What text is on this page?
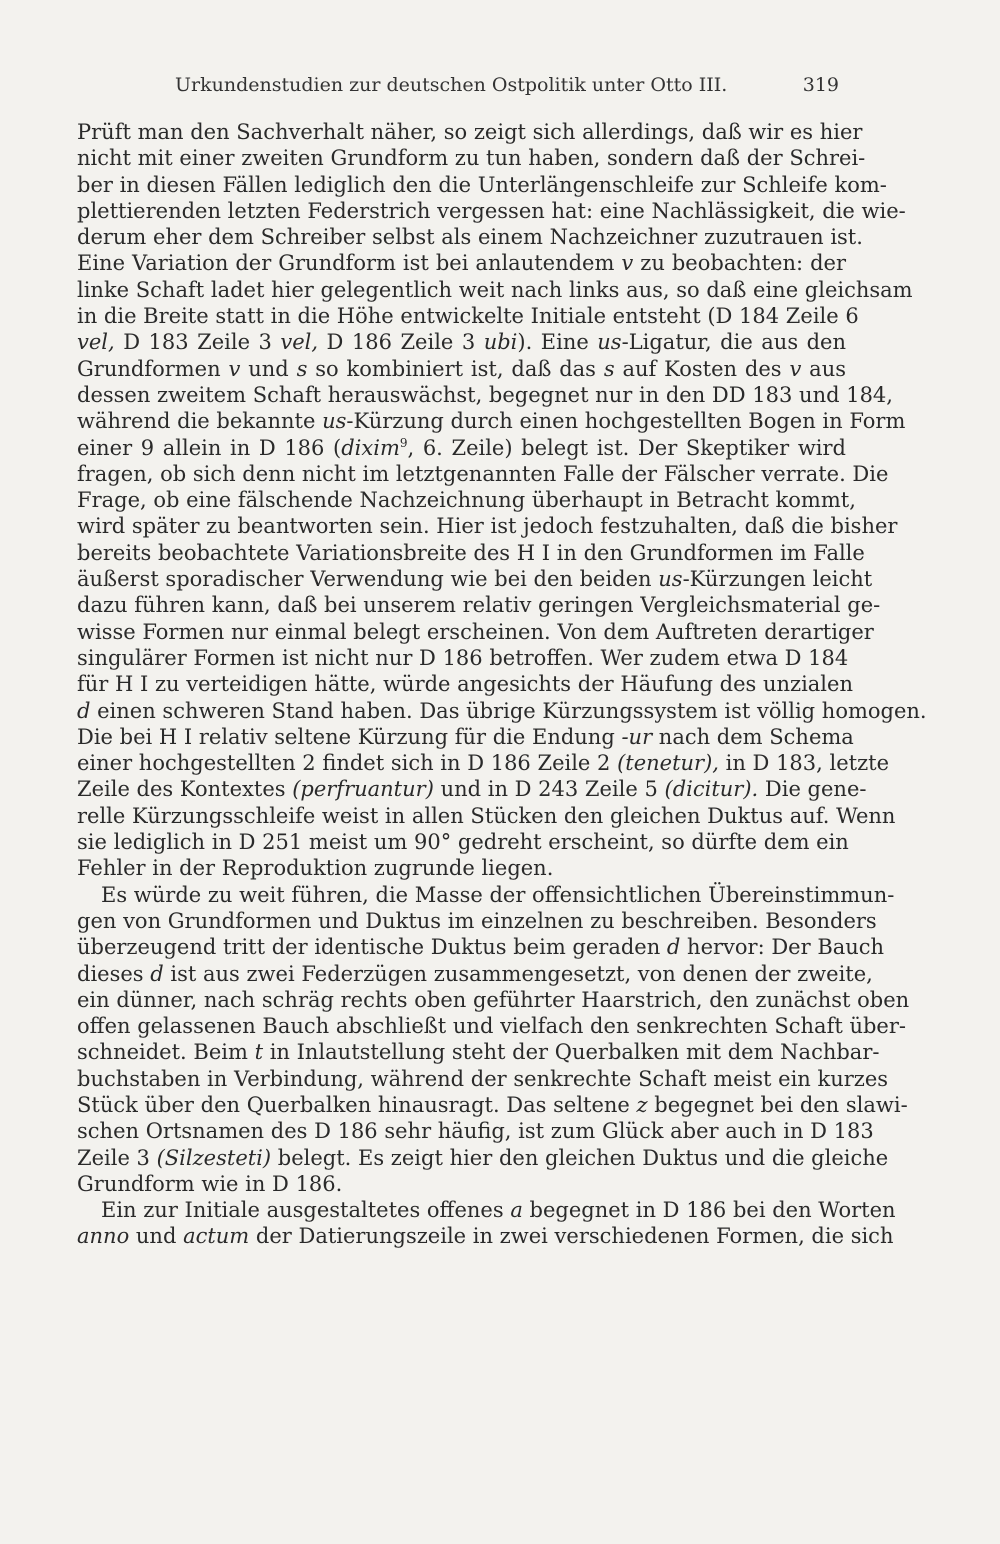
Urkundenstudien zur deutschen Ostpolitik unter Otto III.	319
Prüft man den Sachverhalt näher, so zeigt sich allerdings, daß wir es hier
nicht mit einer zweiten Grundform zu tun haben, sondern daß der Schrei-
ber in diesen Fällen lediglich den die Unterlängenschleife zur Schleife kom-
plettierenden letzten Federstrich vergessen hat: eine Nachlässigkeit, die wie-
derum eher dem Schreiber selbst als einem Nachzeichner zuzutrauen ist.
Eine Variation der Grundform ist bei anlautendem v zu beobachten: der
linke Schaft ladet hier gelegentlich weit nach links aus, so daß eine gleichsam
in die Breite statt in die Höhe entwickelte Initiale entsteht (D 184 Zeile 6
vel, D 183 Zeile 3 vel, D 186 Zeile 3 ubi). Eine us-Ligatur, die aus den
Grundformen v und s so kombiniert ist, daß das s auf Kosten des v aus
dessen zweitem Schaft herauswächst, begegnet nur in den DD 183 und 184,
während die bekannte us-Kürzung durch einen hochgestellten Bogen in Form
einer 9 allein in D 186 (dixim$^9$, 6. Zeile) belegt ist. Der Skeptiker wird
fragen, ob sich denn nicht im letztgenannten Falle der Fälscher verrate. Die
Frage, ob eine fälschende Nachzeichnung überhaupt in Betracht kommt,
wird später zu beantworten sein. Hier ist jedoch festzuhalten, daß die bisher
bereits beobachtete Variationsbreite des H I in den Grundformen im Falle
äußerst sporadischer Verwendung wie bei den beiden us-Kürzungen leicht
dazu führen kann, daß bei unserem relativ geringen Vergleichsmaterial ge-
wisse Formen nur einmal belegt erscheinen. Von dem Auftreten derartiger
singulärer Formen ist nicht nur D 186 betroffen. Wer zudem etwa D 184
für H I zu verteidigen hätte, würde angesichts der Häufung des unzialen
d einen schweren Stand haben. Das übrige Kürzungssystem ist völlig homogen.
Die bei H I relativ seltene Kürzung für die Endung -ur nach dem Schema
einer hochgestellten 2 findet sich in D 186 Zeile 2 (tenetur), in D 183, letzte
Zeile des Kontextes (perfruantur) und in D 243 Zeile 5 (dicitur). Die gene-
relle Kürzungsschleife weist in allen Stücken den gleichen Duktus auf. Wenn
sie lediglich in D 251 meist um 90° gedreht erscheint, so dürfte dem ein
Fehler in der Reproduktion zugrunde liegen.
Es würde zu weit führen, die Masse der offensichtlichen Übereinstimmun-
gen von Grundformen und Duktus im einzelnen zu beschreiben. Besonders
überzeugend tritt der identische Duktus beim geraden d hervor: Der Bauch
dieses d ist aus zwei Federzügen zusammengesetzt, von denen der zweite,
ein dünner, nach schräg rechts oben geführter Haarstrich, den zunächst oben
offen gelassenen Bauch abschließt und vielfach den senkrechten Schaft über-
schneidet. Beim t in Inlautstellung steht der Querbalken mit dem Nachbar-
buchstaben in Verbindung, während der senkrechte Schaft meist ein kurzes
Stück über den Querbalken hinausragt. Das seltene z begegnet bei den slawi-
schen Ortsnamen des D 186 sehr häufig, ist zum Glück aber auch in D 183
Zeile 3 (Silzesteti) belegt. Es zeigt hier den gleichen Duktus und die gleiche
Grundform wie in D 186.
Ein zur Initiale ausgestaltetes offenes a begegnet in D 186 bei den Worten
anno und actum der Datierungszeile in zwei verschiedenen Formen, die sich
